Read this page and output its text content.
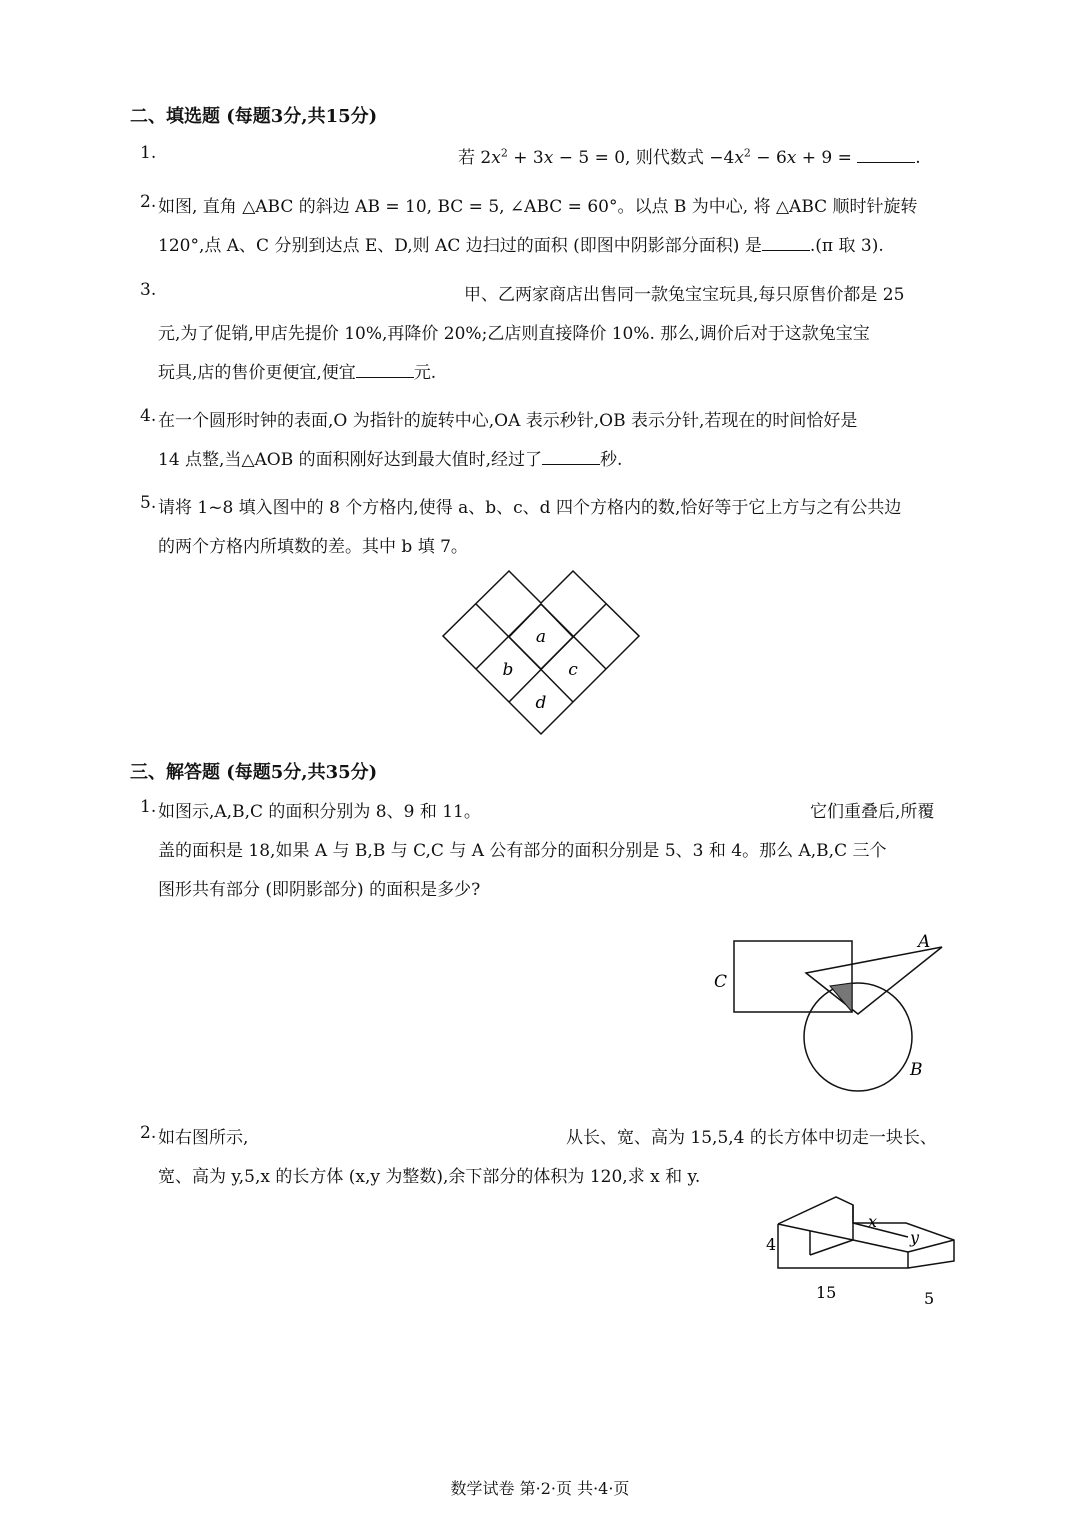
二、填选题 (每题3分,共15分)
1.	若 $2x^2 + 3x - 5 = 0$, 则代数式 $-4x^2 - 6x + 9$ =	.
2. 如图, 直角 △ABC 的斜边 AB = 10, BC = 5, ∠ABC = 60°。以点 B 为中心, 将 △ABC 顺时针旋转
120°,点 A、C 分别到达点 E、D,则 AC 边扫过的面积 (即图中阴影部分面积) 是	.(π 取 3).
3.	甲、乙两家商店出售同一款兔宝宝玩具,每只原售价都是 25
元,为了促销,甲店先提价 10%,再降价 20%;乙店则直接降价 10%. 那么,调价后对于这款兔宝宝
玩具,店的售价更便宜,便宜	元.
4. 在一个圆形时钟的表面,O 为指针的旋转中心,OA 表示秒针,OB 表示分针,若现在的时间恰好是
14 点整,当△AOB 的面积刚好达到最大值时,经过了	秒.
5. 请将 1~8 填入图中的 8 个方格内,使得 a、b、c、d 四个方格内的数,恰好等于它上方与之有公共边
的两个方格内所填数的差。其中 b 填 7。
a
b	c
d
三、解答题 (每题5分,共35分)
1. 如图示,A,B,C 的面积分别为 8、9 和 11。	它们重叠后,所覆
盖的面积是 18,如果 A 与 B,B 与 C,C 与 A 公有部分的面积分别是 5、3 和 4。那么 A,B,C 三个
图形共有部分 (即阴影部分) 的面积是多少?
A
B
C
2. 如右图所示,	从长、宽、高为 15,5,4 的长方体中切走一块长、
宽、高为 y,5,x 的长方体 (x,y 为整数),余下部分的体积为 120,求 x 和 y.
x
y
4
15	5
数学试卷 第·2·页 共·4·页
